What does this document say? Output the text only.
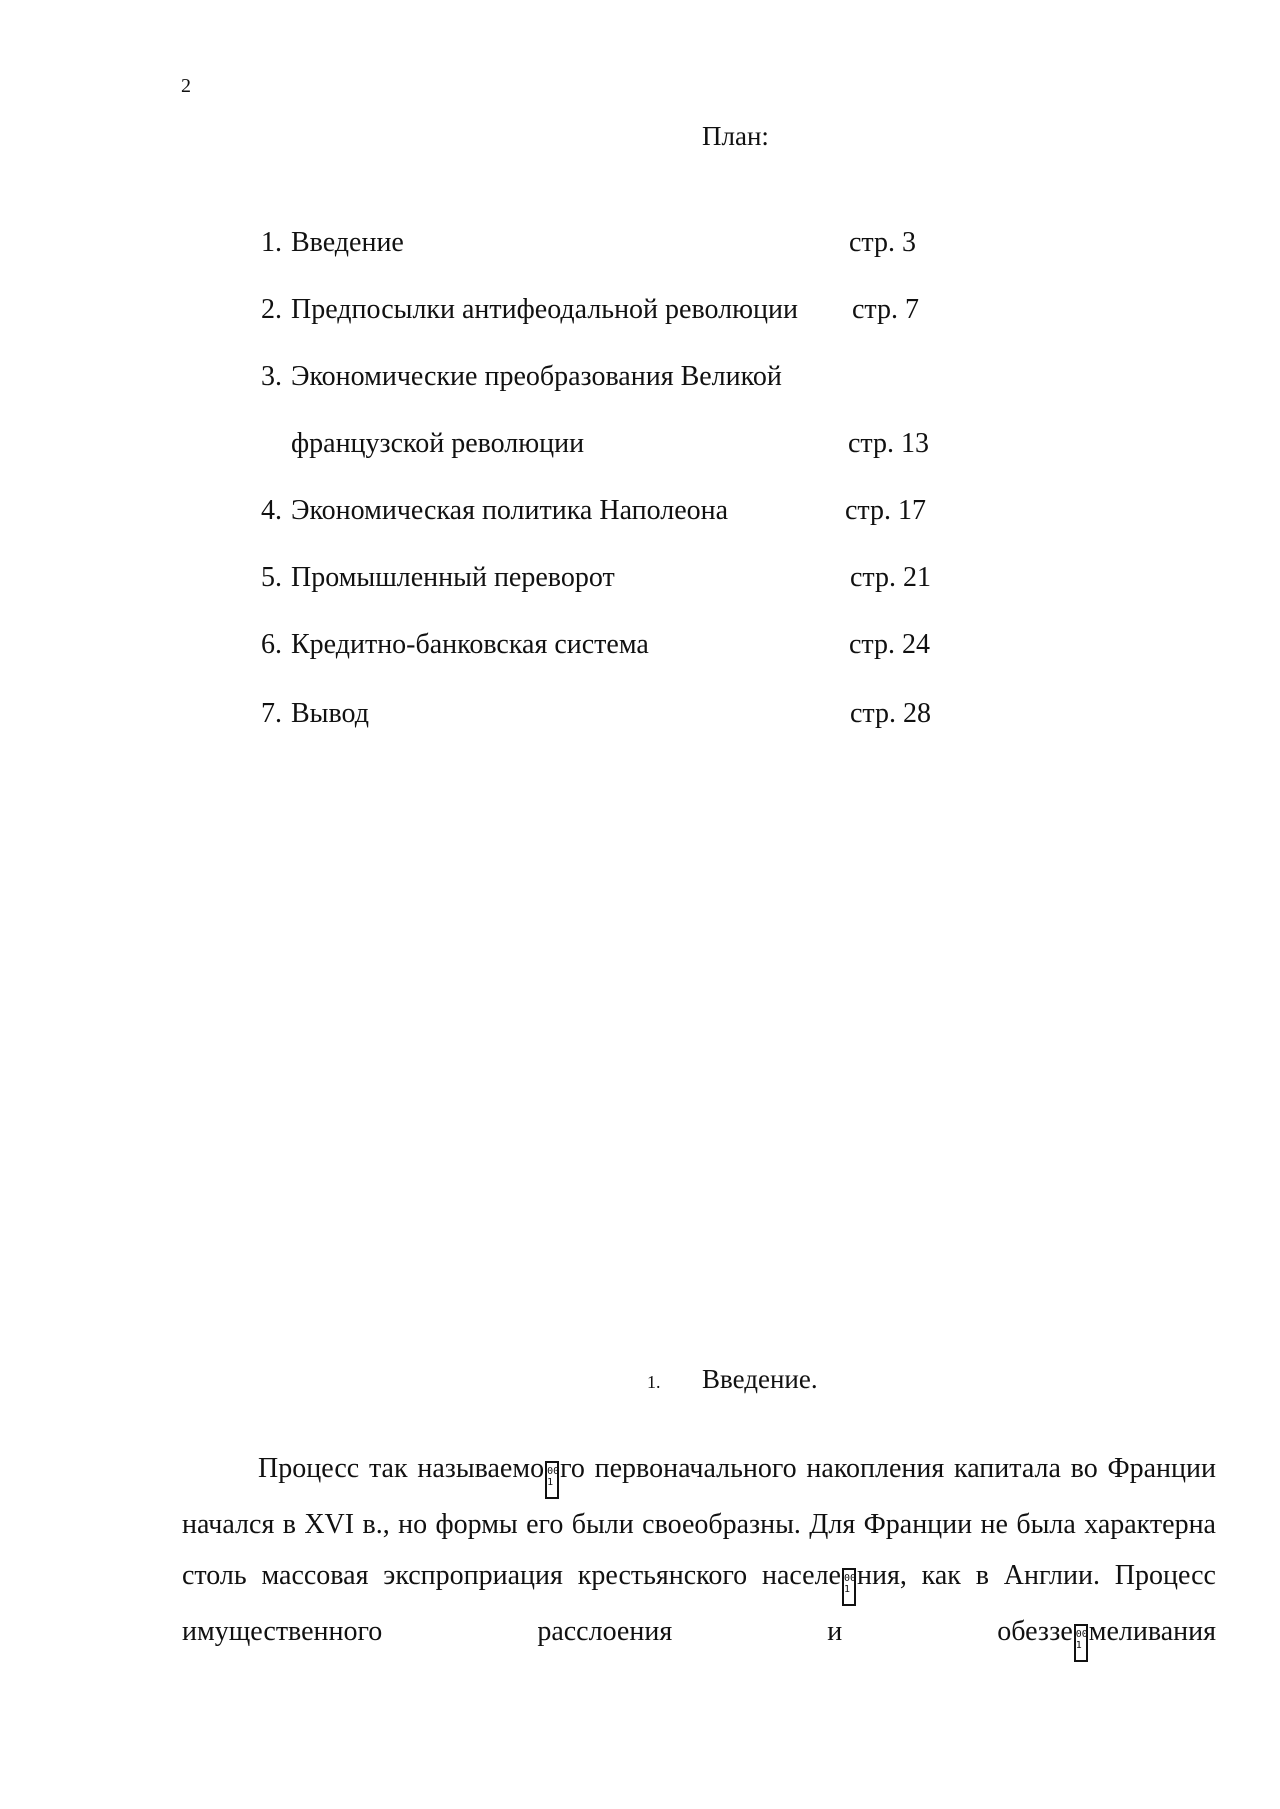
2
План:
1. Введение	стр. 3
2. Предпосылки антифеодальной революции стр. 7
3. Экономические преобразования Великой
французской революции	стр. 13
4. Экономическая политика Наполеона	стр. 17
5. Промышленный переворот	стр. 21
6. Кредитно-банковская система	стр. 24
7. Вывод	стр. 28
1. Введение.

Процесс так называемо 00 1 го первоначального накопления капитала во Франции начался в XVI в., но формы его были своеобразны. Для Франции не была характерна столь массовая экспроприация крестьянского населе 00 1 ния, как в Англии. Процесс имущественного расслоения и обеззе 00 1 меливания
